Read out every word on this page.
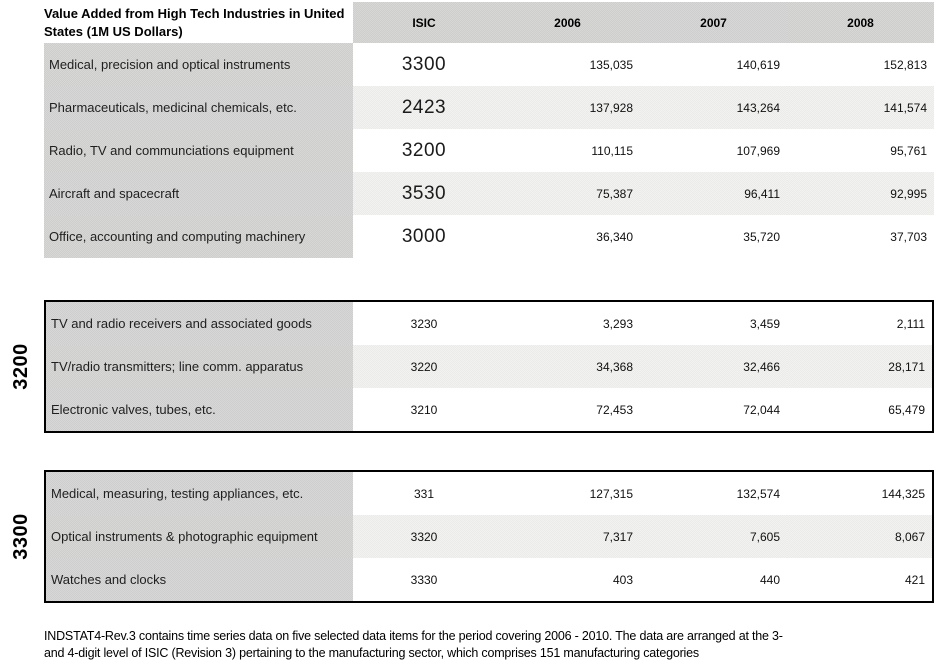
Value Added from High Tech Industries in United States (1M US Dollars)
ISIC	2006	2007	2008
Medical, precision and optical instruments	3300	135,035	140,619	152,813
Pharmaceuticals, medicinal chemicals, etc.	2423	137,928	143,264	141,574
Radio, TV and communciations equipment	3200	110,115	107,969	95,761
Aircraft and spacecraft	3530	75,387	96,411	92,995
Office, accounting and computing machinery	3000	36,340	35,720	37,703
3200
TV and radio receivers and associated goods	3230	3,293	3,459	2,111
TV/radio transmitters; line comm. apparatus	3220	34,368	32,466	28,171
Electronic valves, tubes, etc.	3210	72,453	72,044	65,479
3300
Medical, measuring, testing appliances, etc.	331	127,315	132,574	144,325
Optical instruments & photographic equipment	3320	7,317	7,605	8,067
Watches and clocks	3330	403	440	421
INDSTAT4-Rev.3 contains time series data on five selected data items for the period covering 2006 - 2010. The data are arranged at the 3-
and 4-digit level of ISIC (Revision 3) pertaining to the manufacturing sector, which comprises 151 manufacturing categories
